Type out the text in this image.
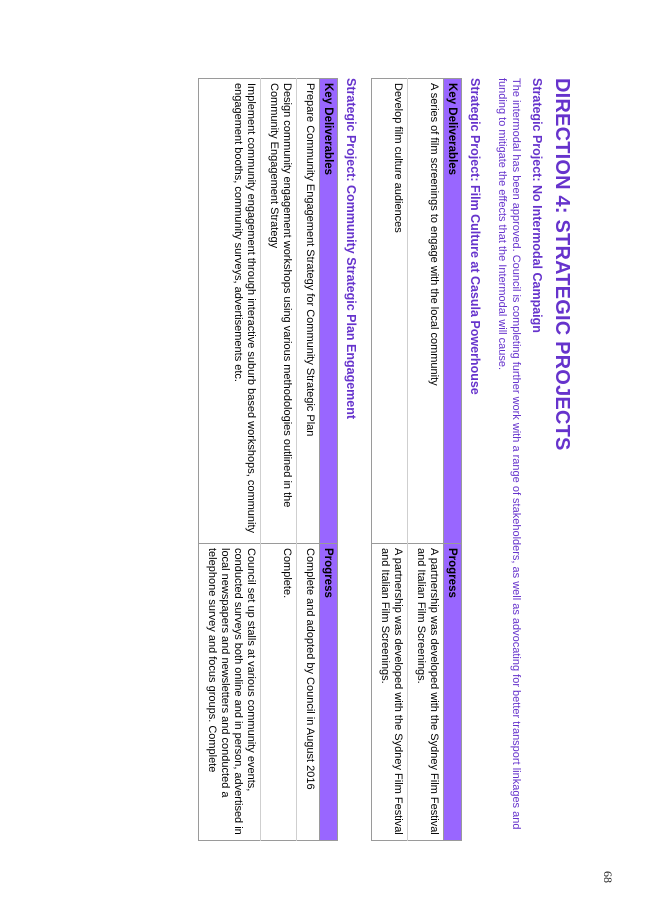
DIRECTION 4: STRATEGIC PROJECTS
Strategic Project: No Intermodal Campaign

The intermodal has been approved. Council is completing further work with a range of stakeholders, as well as advocating for better transport linkages and funding to mitigate the effects that the Intermodal will cause.

Strategic Project: Film Culture at Casula Powerhouse
Key Deliverables	Progress
A series of film screenings to engage with the local community	A partnership was developed with the Sydney Film Festival and Italian Film Screenings.
Develop film culture audiences	A partnership was developed with the Sydney Film Festival and Italian Film Screenings.
Strategic Project: Community Strategic Plan Engagement
Key Deliverables	Progress
Prepare Community Engagement Strategy for Community Strategic Plan	Complete and adopted by Council in August 2016
Design community engagement workshops using various methodologies outlined in the Community Engagement Strategy	Complete.
Implement community engagement through interactive suburb based workshops, community engagement booths, community surveys, advertisements etc.	Council set up stalls at various community events, conducted surveys both online and in person, advertised in local newspapers and newsletters and conducted a telephone survey and focus groups. Complete
68
